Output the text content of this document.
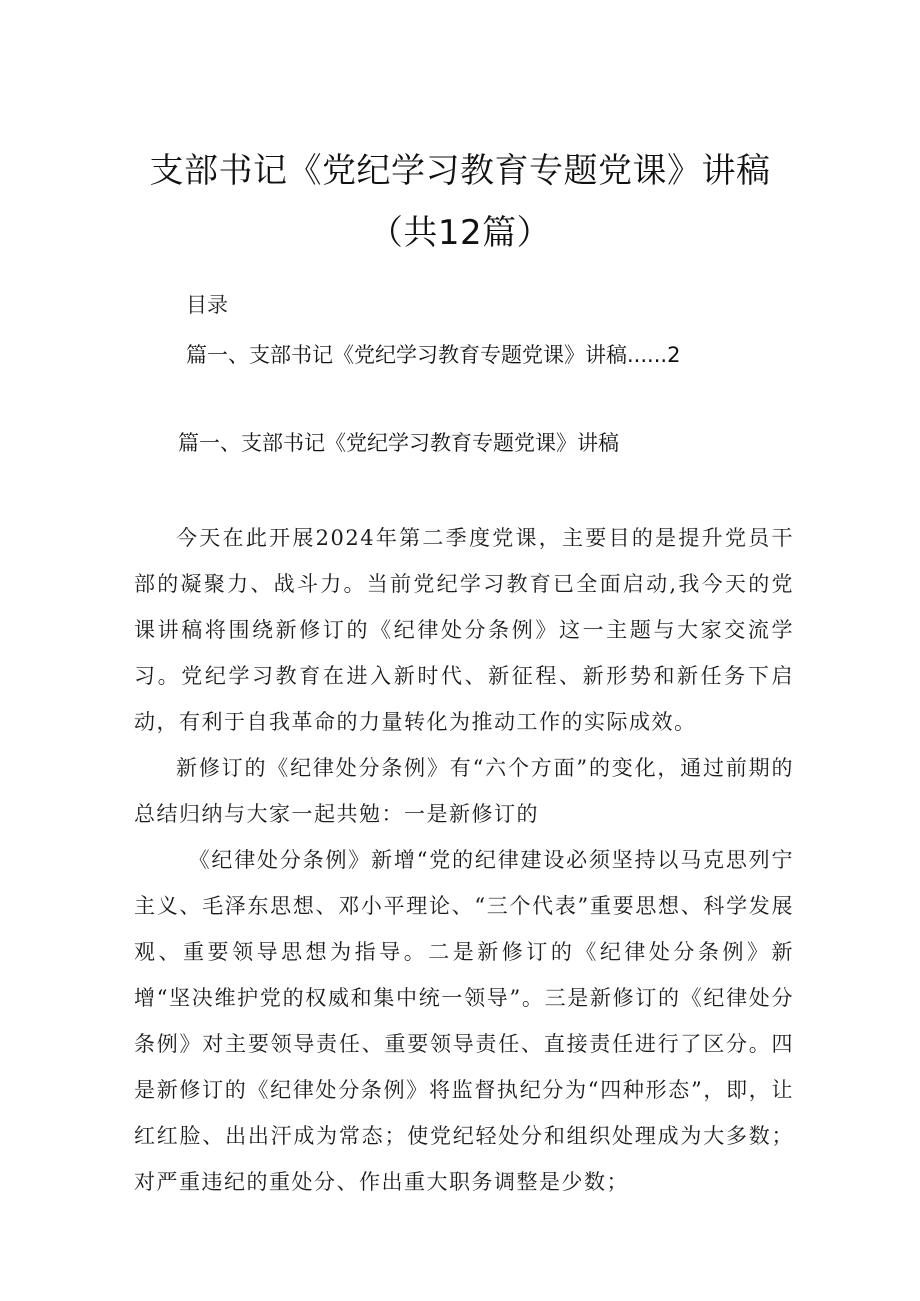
支部书记《党纪学习教育专题党课》讲稿（共12篇）
目录
篇一、支部书记《党纪学习教育专题党课》讲稿......2
篇一、支部书记《党纪学习教育专题党课》讲稿

今天在此开展2024年第二季度党课，主要目的是提升党员干部的凝聚力、战斗力。当前党纪学习教育已全面启动,我今天的党课讲稿将围绕新修订的《纪律处分条例》这一主题与大家交流学习。党纪学习教育在进入新时代、新征程、新形势和新任务下启动，有利于自我革命的力量转化为推动工作的实际成效。

新修订的《纪律处分条例》有“六个方面”的变化，通过前期的总结归纳与大家一起共勉：一是新修订的

《纪律处分条例》新增“党的纪律建设必须坚持以马克思列宁主义、毛泽东思想、邓小平理论、“三个代表”重要思想、科学发展观、重要领导思想为指导。二是新修订的《纪律处分条例》新增“坚决维护党的权威和集中统一领导”。三是新修订的《纪律处分条例》对主要领导责任、重要领导责任、直接责任进行了区分。四是新修订的《纪律处分条例》将监督执纪分为“四种形态”，即，让红红脸、出出汗成为常态；使党纪轻处分和组织处理成为大多数；对严重违纪的重处分、作出重大职务调整是少数；
